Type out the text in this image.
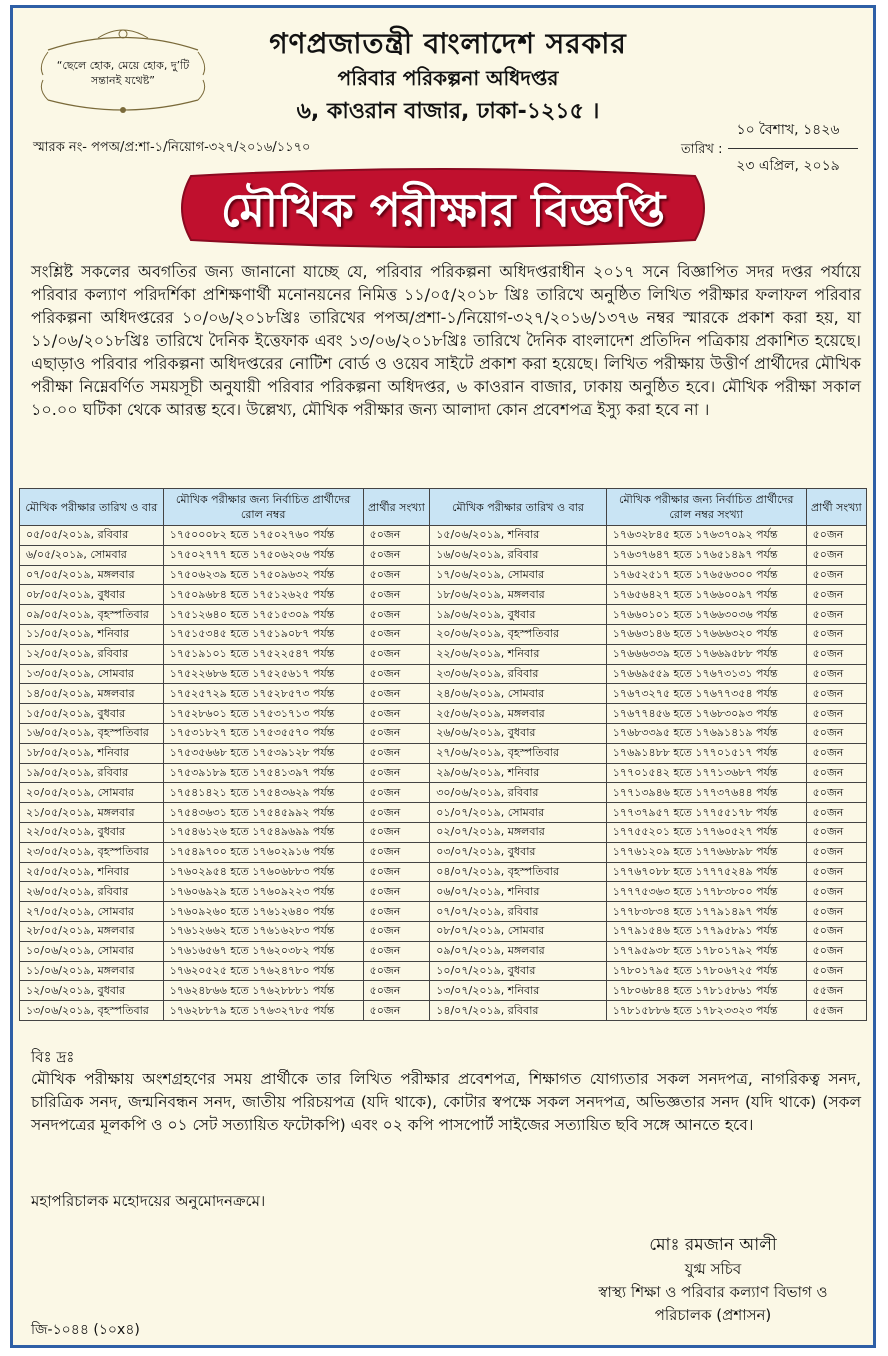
“ছেলে হোক, মেয়ে হোক, দু’টি সন্তানই যথেষ্ট”
গণপ্রজাতন্ত্রী বাংলাদেশ সরকার
পরিবার পরিকল্পনা অধিদপ্তর
৬, কাওরান বাজার, ঢাকা-১২১৫ ।
স্মারক নং- পপঅ/প্র:শা-১/নিয়োগ-৩২৭/২০১৬/১১৭০
১০ বৈশাখ, ১৪২৬
তারিখ :
২৩ এপ্রিল, ২০১৯
মৌখিক পরীক্ষার বিজ্ঞপ্তি
সংশ্লিষ্ট সকলের অবগতির জন্য জানানো যাচ্ছে যে, পরিবার পরিকল্পনা অধিদপ্তরাধীন ২০১৭ সনে বিজ্ঞাপিত সদর দপ্তর পর্যায়ে পরিবার কল্যাণ পরিদর্শিকা প্রশিক্ষণার্থী মনোনয়নের নিমিত্ত ১১/০৫/২০১৮ খ্রিঃ তারিখে অনুষ্ঠিত লিখিত পরীক্ষার ফলাফল পরিবার পরিকল্পনা অধিদপ্তরের ১০/০৬/২০১৮খ্রিঃ তারিখের পপঅ/প্রশা-১/নিয়োগ-৩২৭/২০১৬/১৩৭৬ নম্বর স্মারকে প্রকাশ করা হয়, যা ১১/০৬/২০১৮খ্রিঃ তারিখে দৈনিক ইত্তেফাক এবং ১৩/০৬/২০১৮খ্রিঃ তারিখে দৈনিক বাংলাদেশ প্রতিদিন পত্রিকায় প্রকাশিত হয়েছে। এছাড়াও পরিবার পরিকল্পনা অধিদপ্তরের নোটিশ বোর্ড ও ওয়েব সাইটে প্রকাশ করা হয়েছে। লিখিত পরীক্ষায় উত্তীর্ণ প্রার্থীদের মৌখিক পরীক্ষা নিম্নেবর্ণিত সময়সূচী অনুযায়ী পরিবার পরিকল্পনা অধিদপ্তর, ৬ কাওরান বাজার, ঢাকায় অনুষ্ঠিত হবে। মৌখিক পরীক্ষা সকাল ১০.০০ ঘটিকা থেকে আরম্ভ হবে। উল্লেখ্য, মৌখিক পরীক্ষার জন্য আলাদা কোন প্রবেশপত্র ইস্যু করা হবে না ।
মৌখিক পরীক্ষার তারিখ ও বার	মৌখিক পরীক্ষার জন্য নির্বাচিত প্রার্থীদের রোল নম্বর	প্রার্থীর সংখ্যা	মৌখিক পরীক্ষার তারিখ ও বার	মৌখিক পরীক্ষার জন্য নির্বাচিত প্রার্থীদের রোল নম্বর সংখ্যা	প্রার্থী সংখ্যা
০৫/০৫/২০১৯, রবিবার	১৭৫০০০৮২ হতে ১৭৫০২৭৬০ পর্যন্ত	৫০জন	১৫/০৬/২০১৯, শনিবার	১৭৬৩২৮৪৫ হতে ১৭৬৩৭০৯২ পর্যন্ত	৫০জন
৬/০৫/২০১৯, সোমবার	১৭৫০২৭৭৭ হতে ১৭৫০৬২০৬ পর্যন্ত	৫০জন	১৬/০৬/২০১৯, রবিবার	১৭৬৩৭৬৪৭ হতে ১৭৬৫১৪৯৭ পর্যন্ত	৫০জন
০৭/০৫/২০১৯, মঙ্গলবার	১৭৫০৬২৩৯ হতে ১৭৫০৯৬৩২ পর্যন্ত	৫০জন	১৭/০৬/২০১৯, সোমবার	১৭৬৫২৫১৭ হতে ১৭৬৫৬৩০০ পর্যন্ত	৫০জন
০৮/০৫/২০১৯, বুধবার	১৭৫০৯৬৮৪ হতে ১৭৫১২৬২৫ পর্যন্ত	৫০জন	১৮/০৬/২০১৯, মঙ্গলবার	১৭৬৫৬৪২৭ হতে ১৭৬৬০০৯৭ পর্যন্ত	৫০জন
০৯/০৫/২০১৯, বৃহস্পতিবার	১৭৫১২৬৪০ হতে ১৭৫১৫৩০৯ পর্যন্ত	৫০জন	১৯/০৬/২০১৯, বুধবার	১৭৬৬০১০১ হতে ১৭৬৬৩০৩৬ পর্যন্ত	৫০জন
১১/০৫/২০১৯, শনিবার	১৭৫১৫৩৪৫ হতে ১৭৫১৯০৮৭ পর্যন্ত	৫০জন	২০/০৬/২০১৯, বৃহস্পতিবার	১৭৬৬৩১৪৬ হতে ১৭৬৬৬৩২০ পর্যন্ত	৫০জন
১২/০৫/২০১৯, রবিবার	১৭৫১৯১০১ হতে ১৭৫২২৫৪৭ পর্যন্ত	৫০জন	২২/০৬/২০১৯, শনিবার	১৭৬৬৬৩৩৯ হতে ১৭৬৬৯৫৮৮ পর্যন্ত	৫০জন
১৩/০৫/২০১৯, সোমবার	১৭৫২২৬৮৬ হতে ১৭৫২৫৬১৭ পর্যন্ত	৫০জন	২৩/০৬/২০১৯, রবিবার	১৭৬৬৯৫৫৯ হতে ১৭৬৭৩১৩১ পর্যন্ত	৫০জন
১৪/০৫/২০১৯, মঙ্গলবার	১৭৫২৫৭২৯ হতে ১৭৫২৮৫৭৩ পর্যন্ত	৫০জন	২৪/০৬/২০১৯, সোমবার	১৭৬৭৩২৭৫ হতে ১৭৬৭৭৩৫৪ পর্যন্ত	৫০জন
১৫/০৫/২০১৯, বুধবার	১৭৫২৮৬০১ হতে ১৭৫৩১৭১৩ পর্যন্ত	৫০জন	২৫/০৬/২০১৯, মঙ্গলবার	১৭৬৭৭৪৫৬ হতে ১৭৬৮৩০৯৩ পর্যন্ত	৫০জন
১৬/০৫/২০১৯, বৃহস্পতিবার	১৭৫৩১৮২৭ হতে ১৭৫৩৫৫৭০ পর্যন্ত	৫০জন	২৬/০৬/২০১৯, বুধবার	১৭৬৮৩৩৯৫ হতে ১৭৬৯১৪১৯ পর্যন্ত	৫০জন
১৮/০৫/২০১৯, শনিবার	১৭৫৩৫৬৬৮ হতে ১৭৫৩৯১২৮ পর্যন্ত	৫০জন	২৭/০৬/২০১৯, বৃহস্পতিবার	১৭৬৯১৪৮৮ হতে ১৭৭০১৫১৭ পর্যন্ত	৫০জন
১৯/০৫/২০১৯, রবিবার	১৭৫৩৯১৮৯ হতে ১৭৫৪১৩৯৭ পর্যন্ত	৫০জন	২৯/০৬/২০১৯, শনিবার	১৭৭০১৫৪২ হতে ১৭৭১৩৬৮৭ পর্যন্ত	৫০জন
২০/০৫/২০১৯, সোমবার	১৭৫৪১৪২১ হতে ১৭৫৪৩৬২৯ পর্যন্ত	৫০জন	৩০/০৬/২০১৯, রবিবার	১৭৭১৩৯৪৬ হতে ১৭৭৩৭৬৪৪ পর্যন্ত	৫০জন
২১/০৫/২০১৯, মঙ্গলবার	১৭৫৪৩৬৩১ হতে ১৭৫৪৫৯৯২ পর্যন্ত	৫০জন	০১/০৭/২০১৯, সোমবার	১৭৭৩৭৯৫৭ হতে ১৭৭৫৫১৭৮ পর্যন্ত	৫০জন
২২/০৫/২০১৯, বুধবার	১৭৫৪৬১২৬ হতে ১৭৫৪৯৬৯৯ পর্যন্ত	৫০জন	০২/০৭/২০১৯, মঙ্গলবার	১৭৭৫৫২০১ হতে ১৭৭৬০৫২৭ পর্যন্ত	৫০জন
২৩/০৫/২০১৯, বৃহস্পতিবার	১৭৫৪৯৭০০ হতে ১৭৬০২৯১৬ পর্যন্ত	৫০জন	০৩/০৭/২০১৯, বুধবার	১৭৭৬১২০৯ হতে ১৭৭৬৬৮৯৮ পর্যন্ত	৫০জন
২৫/০৫/২০১৯, শনিবার	১৭৬০২৯৫৪ হতে ১৭৬০৬৮৮৩ পর্যন্ত	৫০জন	০৪/০৭/২০১৯, বৃহস্পতিবার	১৭৭৬৭০৮৮ হতে ১৭৭৭৫২৪৯ পর্যন্ত	৫০জন
২৬/০৫/২০১৯, রবিবার	১৭৬০৬৯২৯ হতে ১৭৬০৯২২৩ পর্যন্ত	৫০জন	০৬/০৭/২০১৯, শনিবার	১৭৭৭৫৩৬৩ হতে ১৭৭৮৩৮০০ পর্যন্ত	৫০জন
২৭/০৫/২০১৯, সোমবার	১৭৬০৯২৬০ হতে ১৭৬১২৬৪০ পর্যন্ত	৫০জন	০৭/০৭/২০১৯, রবিবার	১৭৭৮৩৮৩৪ হতে ১৭৭৯১৪৯৭ পর্যন্ত	৫০জন
২৮/০৫/২০১৯, মঙ্গলবার	১৭৬১২৬৬২ হতে ১৭৬১৬২৮৩ পর্যন্ত	৫০জন	০৮/০৭/২০১৯, সোমবার	১৭৭৯১৫৪৬ হতে ১৭৭৯৫৮৯১ পর্যন্ত	৫০জন
১০/০৬/২০১৯, সোমবার	১৭৬১৬৫৬৭ হতে ১৭৬২০৩৮২ পর্যন্ত	৫০জন	০৯/০৭/২০১৯, মঙ্গলবার	১৭৭৯৫৯৩৮ হতে ১৭৮০১৭৯২ পর্যন্ত	৫০জন
১১/০৬/২০১৯, মঙ্গলবার	১৭৬২০৫২৫ হতে ১৭৬২৪৭৮০ পর্যন্ত	৫০জন	১০/০৭/২০১৯, বুধবার	১৭৮০১৭৯৫ হতে ১৭৮০৬৭২৫ পর্যন্ত	৫০জন
১২/০৬/২০১৯, বুধবার	১৭৬২৪৮৬৬ হতে ১৭৬২৮৮৮১ পর্যন্ত	৫০জন	১৩/০৭/২০১৯, শনিবার	১৭৮০৬৮৪৪ হতে ১৭৮১৫৮৬১ পর্যন্ত	৫৫জন
১৩/০৬/২০১৯, বৃহস্পতিবার	১৭৬২৮৮৭৯ হতে ১৭৬৩২৭৮৫ পর্যন্ত	৫০জন	১৪/০৭/২০১৯, রবিবার	১৭৮১৫৮৮৬ হতে ১৭৮২৩৩২৩ পর্যন্ত	৫৫জন
বিঃ দ্রঃ
মৌখিক পরীক্ষায় অংশগ্রহণের সময় প্রার্থীকে তার লিখিত পরীক্ষার প্রবেশপত্র, শিক্ষাগত যোগ্যতার সকল সনদপত্র, নাগরিকত্ব সনদ, চারিত্রিক সনদ, জন্মনিবন্ধন সনদ, জাতীয় পরিচয়পত্র (যদি থাকে), কোটার স্বপক্ষে সকল সনদপত্র, অভিজ্ঞতার সনদ (যদি থাকে) (সকল সনদপত্রের মূলকপি ও ০১ সেট সত্যায়িত ফটোকপি) এবং ০২ কপি পাসপোর্ট সাইজের সত্যায়িত ছবি সঙ্গে আনতে হবে।
মহাপরিচালক মহোদয়ের অনুমোদনক্রমে।
মোঃ রমজান আলী
যুগ্ম সচিব
স্বাস্থ্য শিক্ষা ও পরিবার কল্যাণ বিভাগ ও
পরিচালক (প্রশাসন)
জি-১০৪৪ (১০x৪)
